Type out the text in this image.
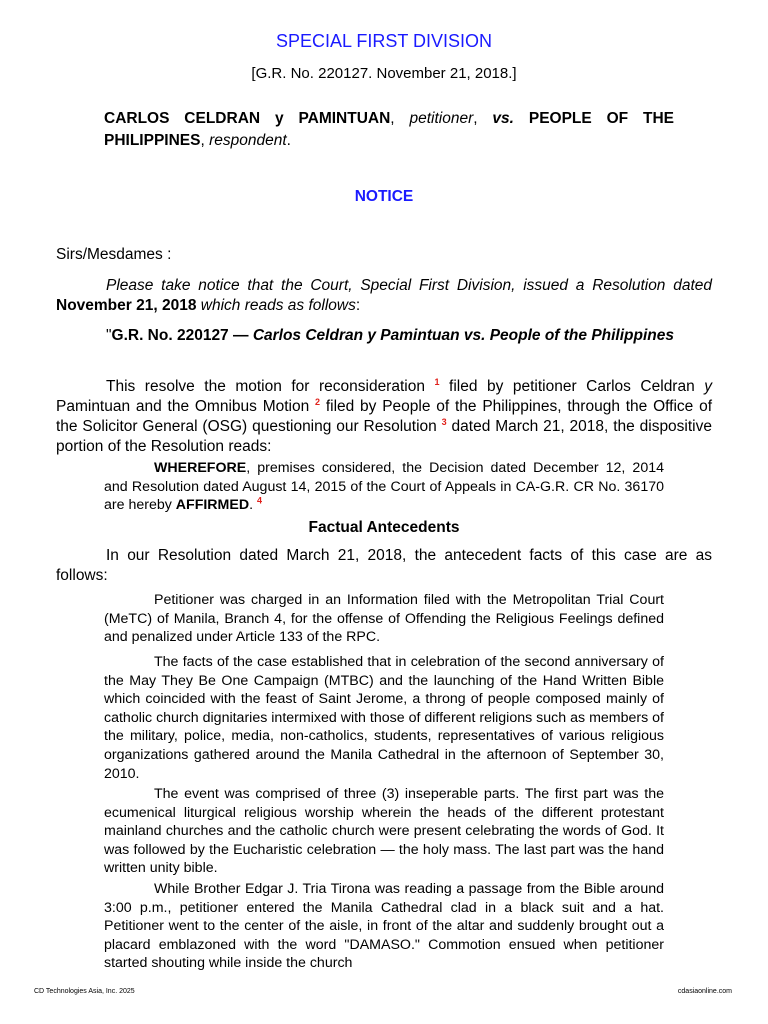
SPECIAL FIRST DIVISION
[G.R. No. 220127. November 21, 2018.]
CARLOS CELDRAN y PAMINTUAN, petitioner, vs. PEOPLE OF THE PHILIPPINES, respondent.
NOTICE
Sirs/Mesdames :

Please take notice that the Court, Special First Division, issued a Resolution dated November 21, 2018 which reads as follows:

"G.R. No. 220127 — Carlos Celdran y Pamintuan vs. People of the Philippines

This resolve the motion for reconsideration $^1$ filed by petitioner Carlos Celdran y Pamintuan and the Omnibus Motion $^2$ filed by People of the Philippines, through the Office of the Solicitor General (OSG) questioning our Resolution $^3$ dated March 21, 2018, the dispositive portion of the Resolution reads:

WHEREFORE, premises considered, the Decision dated December 12, 2014 and Resolution dated August 14, 2015 of the Court of Appeals in CA-G.R. CR No. 36170 are hereby AFFIRMED. $^4$

Factual Antecedents

In our Resolution dated March 21, 2018, the antecedent facts of this case are as follows:

Petitioner was charged in an Information filed with the Metropolitan Trial Court (MeTC) of Manila, Branch 4, for the offense of Offending the Religious Feelings defined and penalized under Article 133 of the RPC.

The facts of the case established that in celebration of the second anniversary of the May They Be One Campaign (MTBC) and the launching of the Hand Written Bible which coincided with the feast of Saint Jerome, a throng of people composed mainly of catholic church dignitaries intermixed with those of different religions such as members of the military, police, media, non-catholics, students, representatives of various religious organizations gathered around the Manila Cathedral in the afternoon of September 30, 2010.

The event was comprised of three (3) inseperable parts. The first part was the ecumenical liturgical religious worship wherein the heads of the different protestant mainland churches and the catholic church were present celebrating the words of God. It was followed by the Eucharistic celebration — the holy mass. The last part was the hand written unity bible.

While Brother Edgar J. Tria Tirona was reading a passage from the Bible around 3:00 p.m., petitioner entered the Manila Cathedral clad in a black suit and a hat. Petitioner went to the center of the aisle, in front of the altar and suddenly brought out a placard emblazoned with the word "DAMASO." Commotion ensued when petitioner started shouting while inside the church

CD Technologies Asia, Inc. 2025	cdasiaonline.com
